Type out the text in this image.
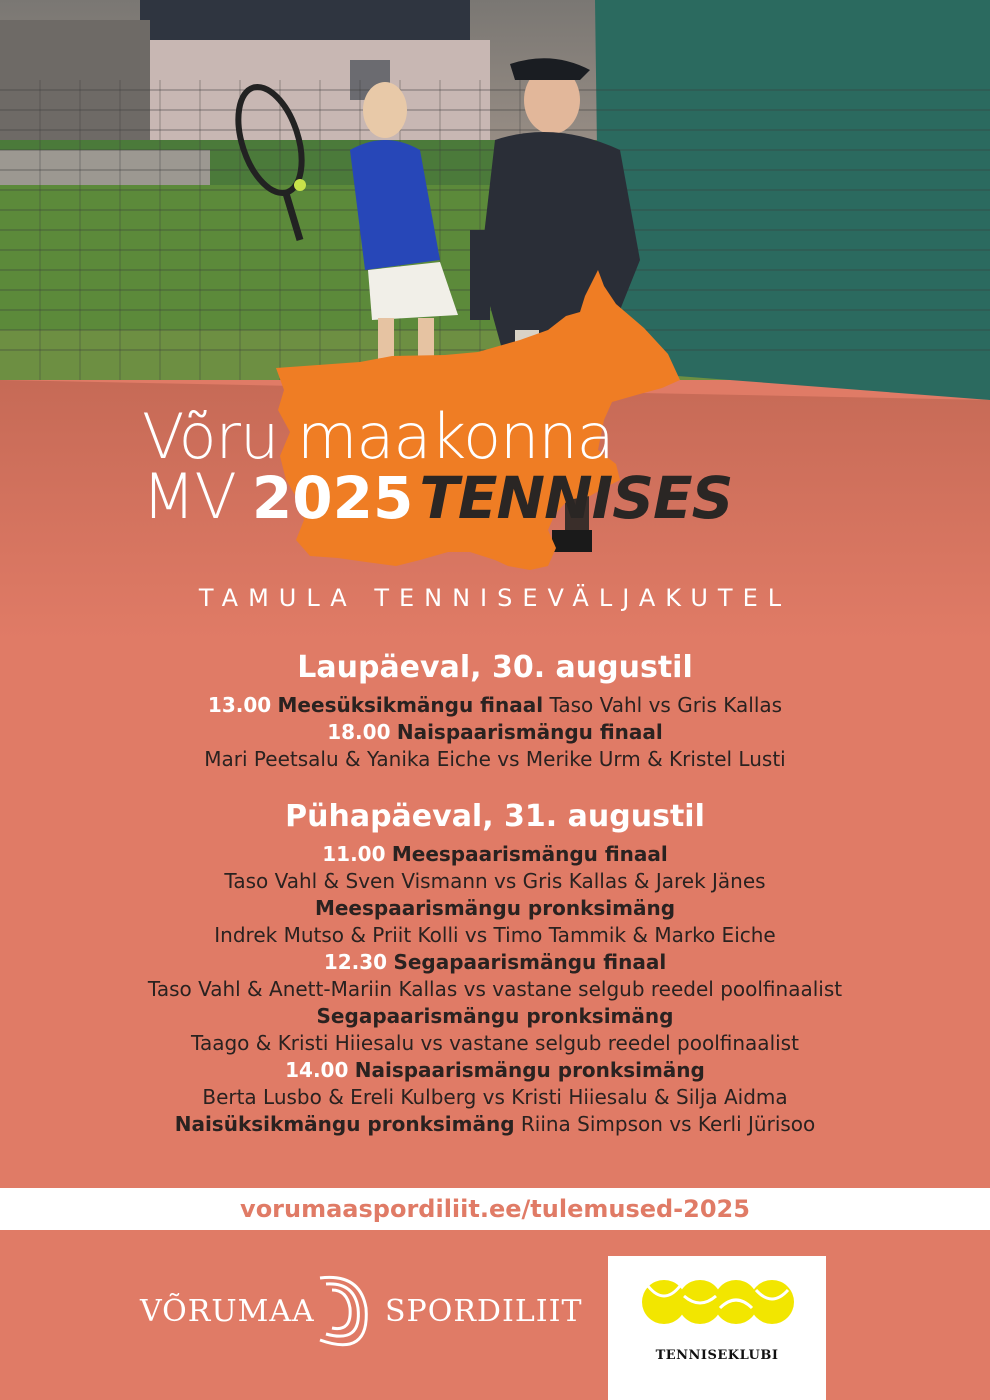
Võru maakonna
MV 2025 TENNISES
TAMULA TENNISEVÄLJAKUTEL
Laupäeval, 30. augustil
13.00 Meesüksikmängu finaal Taso Vahl vs Gris Kallas
18.00 Naispaarismängu finaal
Mari Peetsalu & Yanika Eiche vs Merike Urm & Kristel Lusti
Pühapäeval, 31. augustil
11.00 Meespaarismängu finaal
Taso Vahl & Sven Vismann vs Gris Kallas & Jarek Jänes
Meespaarismängu pronksimäng
Indrek Mutso & Priit Kolli vs Timo Tammik & Marko Eiche
12.30 Segapaarismängu finaal
Taso Vahl & Anett-Mariin Kallas vs vastane selgub reedel poolfinaalist
Segapaarismängu pronksimäng
Taago & Kristi Hiiesalu vs vastane selgub reedel poolfinaalist
14.00 Naispaarismängu pronksimäng
Berta Lusbo & Ereli Kulberg vs Kristi Hiiesalu & Silja Aidma
Naisüksikmängu pronksimäng Riina Simpson vs Kerli Jürisoo
vorumaaspordiliit.ee/tulemused-2025
VÕRUMAA SPORDILIIT
TENNISEKLUBI
